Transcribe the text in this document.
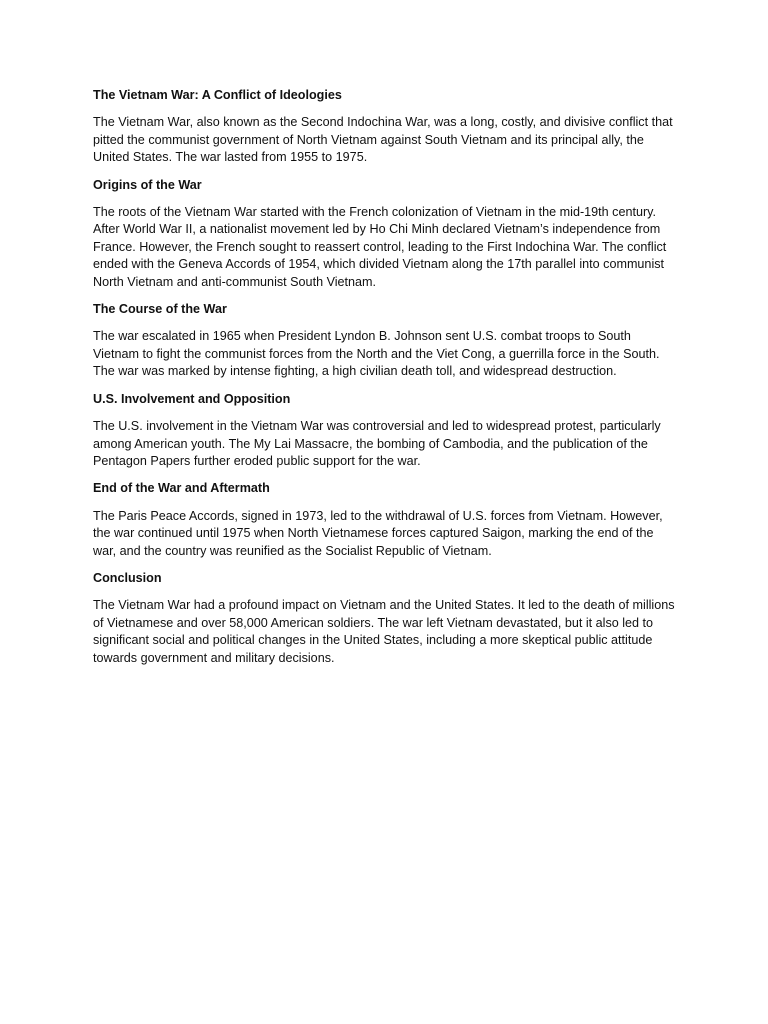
The Vietnam War: A Conflict of Ideologies

The Vietnam War, also known as the Second Indochina War, was a long, costly, and divisive conflict that pitted the communist government of North Vietnam against South Vietnam and its principal ally, the United States. The war lasted from 1955 to 1975.

Origins of the War

The roots of the Vietnam War started with the French colonization of Vietnam in the mid-19th century. After World War II, a nationalist movement led by Ho Chi Minh declared Vietnam’s independence from France. However, the French sought to reassert control, leading to the First Indochina War. The conflict ended with the Geneva Accords of 1954, which divided Vietnam along the 17th parallel into communist North Vietnam and anti-communist South Vietnam.

The Course of the War

The war escalated in 1965 when President Lyndon B. Johnson sent U.S. combat troops to South Vietnam to fight the communist forces from the North and the Viet Cong, a guerrilla force in the South. The war was marked by intense fighting, a high civilian death toll, and widespread destruction.

U.S. Involvement and Opposition

The U.S. involvement in the Vietnam War was controversial and led to widespread protest, particularly among American youth. The My Lai Massacre, the bombing of Cambodia, and the publication of the Pentagon Papers further eroded public support for the war.

End of the War and Aftermath

The Paris Peace Accords, signed in 1973, led to the withdrawal of U.S. forces from Vietnam. However, the war continued until 1975 when North Vietnamese forces captured Saigon, marking the end of the war, and the country was reunified as the Socialist Republic of Vietnam.

Conclusion

The Vietnam War had a profound impact on Vietnam and the United States. It led to the death of millions of Vietnamese and over 58,000 American soldiers. The war left Vietnam devastated, but it also led to significant social and political changes in the United States, including a more skeptical public attitude towards government and military decisions.
